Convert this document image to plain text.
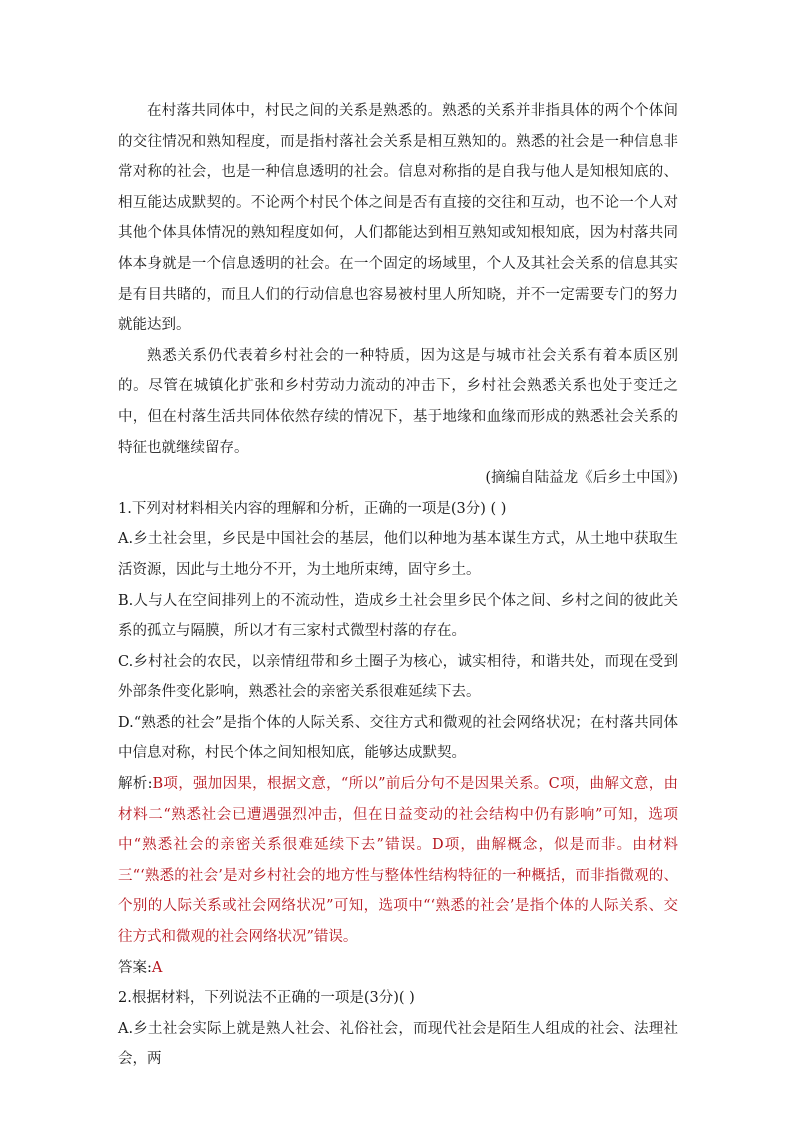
在村落共同体中，村民之间的关系是熟悉的。熟悉的关系并非指具体的两个个体间的交往情况和熟知程度，而是指村落社会关系是相互熟知的。熟悉的社会是一种信息非常对称的社会，也是一种信息透明的社会。信息对称指的是自我与他人是知根知底的、相互能达成默契的。不论两个村民个体之间是否有直接的交往和互动，也不论一个人对其他个体具体情况的熟知程度如何，人们都能达到相互熟知或知根知底，因为村落共同体本身就是一个信息透明的社会。在一个固定的场域里，个人及其社会关系的信息其实是有目共睹的，而且人们的行动信息也容易被村里人所知晓，并不一定需要专门的努力就能达到。

熟悉关系仍代表着乡村社会的一种特质，因为这是与城市社会关系有着本质区别的。尽管在城镇化扩张和乡村劳动力流动的冲击下，乡村社会熟悉关系也处于变迁之中，但在村落生活共同体依然存续的情况下，基于地缘和血缘而形成的熟悉社会关系的特征也就继续留存。

(摘编自陆益龙《后乡土中国》)

1.下列对材料相关内容的理解和分析，正确的一项是(3分) ( )

A.乡土社会里，乡民是中国社会的基层，他们以种地为基本谋生方式，从土地中获取生活资源，因此与土地分不开，为土地所束缚，固守乡土。

B.人与人在空间排列上的不流动性，造成乡土社会里乡民个体之间、乡村之间的彼此关系的孤立与隔膜，所以才有三家村式微型村落的存在。

C.乡村社会的农民，以亲情纽带和乡土圈子为核心，诚实相待，和谐共处，而现在受到外部条件变化影响，熟悉社会的亲密关系很难延续下去。

D.“熟悉的社会”是指个体的人际关系、交往方式和微观的社会网络状况；在村落共同体中信息对称，村民个体之间知根知底，能够达成默契。

解析:B项，强加因果，根据文意，“所以”前后分句不是因果关系。C项，曲解文意，由材料二“熟悉社会已遭遇强烈冲击，但在日益变动的社会结构中仍有影响”可知，选项中“熟悉社会的亲密关系很难延续下去”错误。D项，曲解概念，似是而非。由材料三“‘熟悉的社会’是对乡村社会的地方性与整体性结构特征的一种概括，而非指微观的、个别的人际关系或社会网络状况”可知，选项中“‘熟悉的社会’是指个体的人际关系、交往方式和微观的社会网络状况”错误。

答案:A

2.根据材料，下列说法不正确的一项是(3分)( )

A.乡土社会实际上就是熟人社会、礼俗社会，而现代社会是陌生人组成的社会、法理社会，两
